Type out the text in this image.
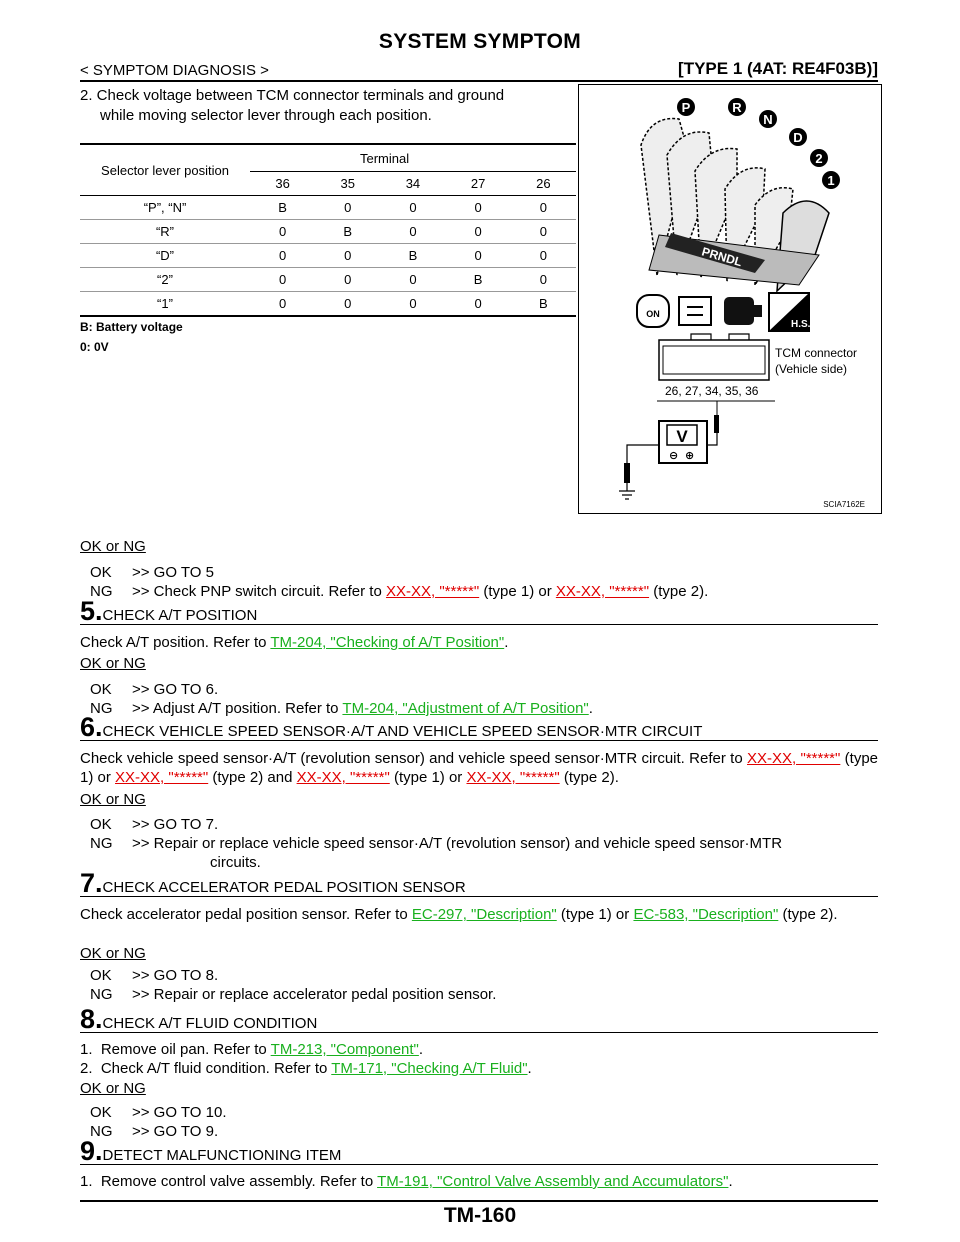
SYSTEM SYMPTOM
< SYMPTOM DIAGNOSIS >	[TYPE 1 (4AT: RE4F03B)]
2. Check voltage between TCM connector terminals and ground
while moving selector lever through each position.
Selector lever position	Terminal				
	36	35	34	27	26
“P”, “N”	B	0	0	0	0
“R”	0	B	0	0	0
“D”	0	0	B	0	0
“2”	0	0	0	B	0
“1”	0	0	0	0	B
B: Battery voltage
0: 0V
PRNDL
P	R
N
D
2
1
ON
H.S.
TCM connector
(Vehicle side)
26, 27, 34, 35, 36
V
⊖ ⊕
SCIA7162E
OK or NG
OK >> GO TO 5
NG >> Check PNP switch circuit. Refer to XX-XX, "*****" (type 1) or XX-XX, "*****" (type 2).
5.CHECK A/T POSITION
Check A/T position. Refer to TM-204, "Checking of A/T Position".
OK or NG
OK >> GO TO 6.
NG >> Adjust A/T position. Refer to TM-204, "Adjustment of A/T Position".
6.CHECK VEHICLE SPEED SENSOR·A/T AND VEHICLE SPEED SENSOR·MTR CIRCUIT
Check vehicle speed sensor·A/T (revolution sensor) and vehicle speed sensor·MTR circuit. Refer to XX-XX, "*****" (type 1) or XX-XX, "*****" (type 2) and XX-XX, "*****" (type 1) or XX-XX, "*****" (type 2).
OK or NG
OK >> GO TO 7.
NG >> Repair or replace vehicle speed sensor·A/T (revolution sensor) and vehicle speed sensor·MTR
circuits.
7.CHECK ACCELERATOR PEDAL POSITION SENSOR
Check accelerator pedal position sensor. Refer to EC-297, "Description" (type 1) or EC-583, "Description" (type 2).
OK or NG
OK >> GO TO 8.
NG >> Repair or replace accelerator pedal position sensor.
8.CHECK A/T FLUID CONDITION
1.  Remove oil pan. Refer to TM-213, "Component".
2.  Check A/T fluid condition. Refer to TM-171, "Checking A/T Fluid".
OK or NG
OK >> GO TO 10.
NG >> GO TO 9.
9.DETECT MALFUNCTIONING ITEM
1.  Remove control valve assembly. Refer to TM-191, "Control Valve Assembly and Accumulators".
TM-160
